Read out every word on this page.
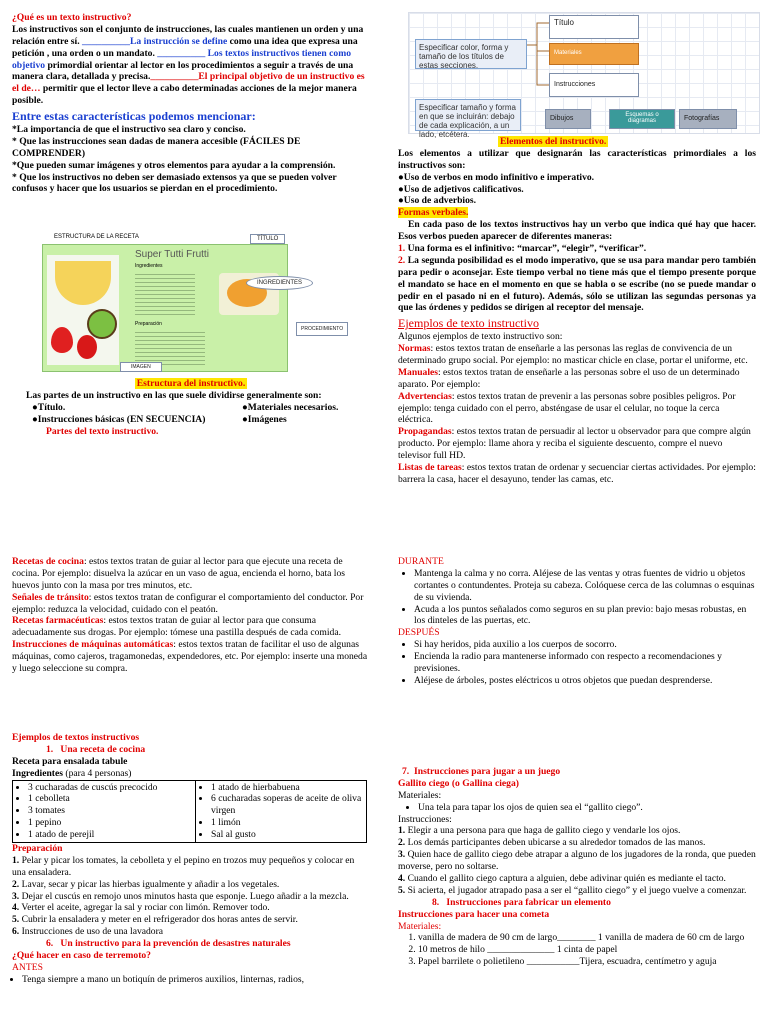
¿Qué es un texto instructivo?

Los instructivos son el conjunto de instrucciones, las cuales mantienen un orden y una relación entre sí. __________La instrucción se define como una idea que expresa una petición , una orden o un mandato. __________ Los textos instructivos tienen como objetivo primordial orientar al lector en los procedimientos a seguir a través de una manera clara, detallada y precisa.__________El principal objetivo de un instructivo es el de… permitir que el lector lleve a cabo determinadas acciones de la mejor manera posible.

Entre estas características podemos mencionar:

*La importancia de que el instructivo sea claro y conciso.

* Que las instrucciones sean dadas de manera accesible (FÁCILES DE COMPRENDER)

*Que pueden sumar imágenes y otros elementos para ayudar a la comprensión.

* Que los instructivos no deben ser demasiado extensos ya que se pueden volver confusos y hacer que los usuarios se pierdan en el procedimiento.

ESTRUCTURA DE LA RECETA
Super Tutti Frutti
Ingredientes
Preparación
TÍTULO
INGREDIENTES
PROCEDIMIENTO
IMAGEN

Estructura del instructivo.

Las partes de un instructivo en las que suele dividirse generalmente son:

●Título.	●Materiales necesarios.
●Instrucciones básicas (EN SECUENCIA)	●Imágenes

Partes del texto instructivo.

Título
Materiales
Instrucciones
Especificar color, forma y tamaño de los títulos de estas secciones.
Especificar tamaño y forma en que se incluirán: debajo de cada explicación, a un lado, etcétera.
Dibujos	Esquemas o diagramas	Fotografías

Elementos del instructivo.

Los elementos a utilizar que designarán las características primordiales a los instructivos son:

●Uso de verbos en modo infinitivo e imperativo.

●Uso de adjetivos calificativos.

●Uso de adverbios.

Formas verbales.

En cada paso de los textos instructivos hay un verbo que indica qué hay que hacer. Esos verbos pueden aparecer de diferentes maneras:

1. Una forma es el infinitivo: “marcar”, “elegir”, “verificar”.

2. La segunda posibilidad es el modo imperativo, que se usa para mandar pero también para pedir o aconsejar. Este tiempo verbal no tiene más que el tiempo presente porque el mandato se hace en el momento en que se habla o se escribe (no se puede mandar o pedir en el pasado ni en el futuro). Además, sólo se utilizan las segundas personas ya que las órdenes y pedidos se dirigen al receptor del mensaje.

Ejemplos de texto instructivo

Algunos ejemplos de texto instructivo son:

Normas: estos textos tratan de enseñarle a las personas las reglas de convivencia de un determinado grupo social. Por ejemplo: no masticar chicle en clase, portar el uniforme, etc.

Manuales: estos textos tratan de enseñarle a las personas sobre el uso de un determinado aparato. Por ejemplo:

Advertencias: estos textos tratan de prevenir a las personas sobre posibles peligros. Por ejemplo: tenga cuidado con el perro, absténgase de usar el celular, no toque la cerca eléctrica.

Propagandas: estos textos tratan de persuadir al lector u observador para que compre algún producto. Por ejemplo: llame ahora y reciba el siguiente descuento, compre el nuevo televisor full HD.

Listas de tareas: estos textos tratan de ordenar y secuenciar ciertas actividades. Por ejemplo: barrera la casa, hacer el desayuno, tender las camas, etc.

Recetas de cocina: estos textos tratan de guiar al lector para que ejecute una receta de cocina. Por ejemplo: disuelva la azúcar en un vaso de agua, encienda el horno, bata los huevos junto con la masa por tres minutos, etc.

Señales de tránsito: estos textos tratan de configurar el comportamiento del conductor. Por ejemplo: reduzca la velocidad, cuidado con el peatón.

Recetas farmacéuticas: estos textos tratan de guiar al lector para que consuma adecuadamente sus drogas. Por ejemplo: tómese una pastilla después de cada comida.

Instrucciones de máquinas automáticas: estos textos tratan de facilitar el uso de algunas máquinas, como cajeros, tragamonedas, expendedores, etc. Por ejemplo: inserte una moneda y luego seleccione su compra.

DURANTE

• Mantenga la calma y no corra. Aléjese de las ventas y otras fuentes de vidrio u objetos cortantes o contundentes. Proteja su cabeza. Colóquese cerca de las columnas o esquinas de su vivienda.
• Acuda a los puntos señalados como seguros en su plan previo: bajo mesas robustas, en los dinteles de las puertas, etc.

DESPUÉS

• Si hay heridos, pida auxilio a los cuerpos de socorro.
• Encienda la radio para mantenerse informado con respecto a recomendaciones y previsiones.
• Aléjese de árboles, postes eléctricos u otros objetos que puedan desprenderse.

Ejemplos de textos instructivos

1. Una receta de cocina

Receta para ensalada tabule

Ingredientes (para 4 personas)

• 3 cucharadas de cuscús precocido
• 1 cebolleta
• 3 tomates
• 1 pepino
• 1 atado de perejil

• 1 atado de hierbabuena
• 6 cucharadas soperas de aceite de oliva virgen
• 1 limón
• Sal al gusto

Preparación

1. Pelar y picar los tomates, la cebolleta y el pepino en trozos muy pequeños y colocar en una ensaladera.

2. Lavar, secar y picar las hierbas igualmente y añadir a los vegetales.

3. Dejar el cuscús en remojo unos minutos hasta que esponje. Luego añadir a la mezcla.

4. Verter el aceite, agregar la sal y rociar con limón. Remover todo.

5. Cubrir la ensaladera y meter en el refrigerador dos horas antes de servir.

6. Instrucciones de uso de una lavadora

6. Un instructivo para la prevención de desastres naturales

¿Qué hacer en caso de terremoto?

ANTES

• Tenga siempre a mano un botiquín de primeros auxilios, linternas, radios,

7. Instrucciones para jugar a un juego

Gallito ciego (o Gallina ciega)

Materiales:

• Una tela para tapar los ojos de quien sea el “gallito ciego”.

Instrucciones:

1. Elegir a una persona para que haga de gallito ciego y vendarle los ojos.

2. Los demás participantes deben ubicarse a su alrededor tomados de las manos.

3. Quien hace de gallito ciego debe atrapar a alguno de los jugadores de la ronda, que pueden moverse, pero no soltarse.

4. Cuando el gallito ciego captura a alguien, debe adivinar quién es mediante el tacto.

5. Si acierta, el jugador atrapado pasa a ser el “gallito ciego” y el juego vuelve a comenzar.

8. Instrucciones para fabricar un elemento

Instrucciones para hacer una cometa

Materiales:

1. vanilla de madera de 90 cm de largo________ 1 vanilla de madera de 60 cm de largo
2. 10 metros de hilo ______________ 1 cinta de papel
3. Papel barrilete o polietileno ___________Tijera, escuadra, centímetro y aguja
